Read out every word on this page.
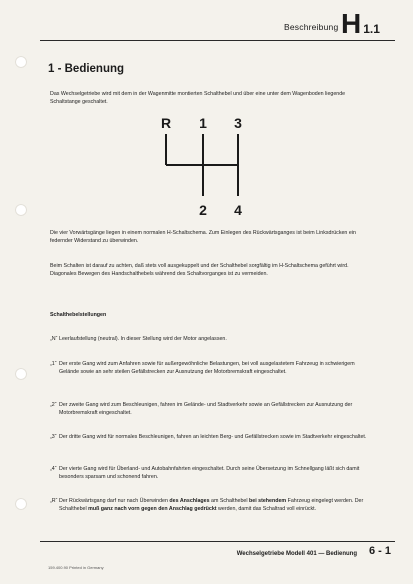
Beschreibung H 1.1
1 - Bedienung
Das Wechselgetriebe wird mit dem in der Wagenmitte montierten Schalthebel und über eine unter dem Wagenboden liegende Schaltstange geschaltet.
R 1 3
2 4
Die vier Vorwärtsgänge liegen in einem normalen H-Schaltschema. Zum Einlegen des Rückwärtsganges ist beim Linksdrücken ein federnder Widerstand zu überwinden.
Beim Schalten ist darauf zu achten, daß stets voll ausgekuppelt und der Schalthebel sorgfältig im H-Schaltschema geführt wird. Diagonales Bewegen des Handschalthebels während des Schaltvorganges ist zu vermeiden.
Schalthebelstellungen
„N“ Leerlaufstellung (neutral). In dieser Stellung wird der Motor angelassen.
„1“ Der erste Gang wird zum Anfahren sowie für außergewöhnliche Belastungen, bei voll ausgelastetem Fahrzeug in schwierigem Gelände sowie an sehr steilen Gefällstrecken zur Ausnutzung der Motorbremskraft eingeschaltet.
„2“ Der zweite Gang wird zum Beschleunigen, fahren im Gelände- und Stadtverkehr sowie an Gefällstrecken zur Ausnutzung der Motorbremskraft eingeschaltet.
„3“ Der dritte Gang wird für normales Beschleunigen, fahren an leichten Berg- und Gefällstrecken sowie im Stadtverkehr eingeschaltet.
„4“ Der vierte Gang wird für Überland- und Autobahnfahrten eingeschaltet. Durch seine Übersetzung im Schnellgang läßt sich damit besonders sparsam und schonend fahren.
„R“ Der Rückwärtsgang darf nur nach Überwinden des Anschlages am Schalthebel bei stehendem Fahrzeug eingelegt werden. Der Schalthebel muß ganz nach vorn gegen den Anschlag gedrückt werden, damit das Schaltrad voll einrückt.
Wechselgetriebe Modell 401 — Bedienung 6 - 1
159.400.90 Printed in Germany
